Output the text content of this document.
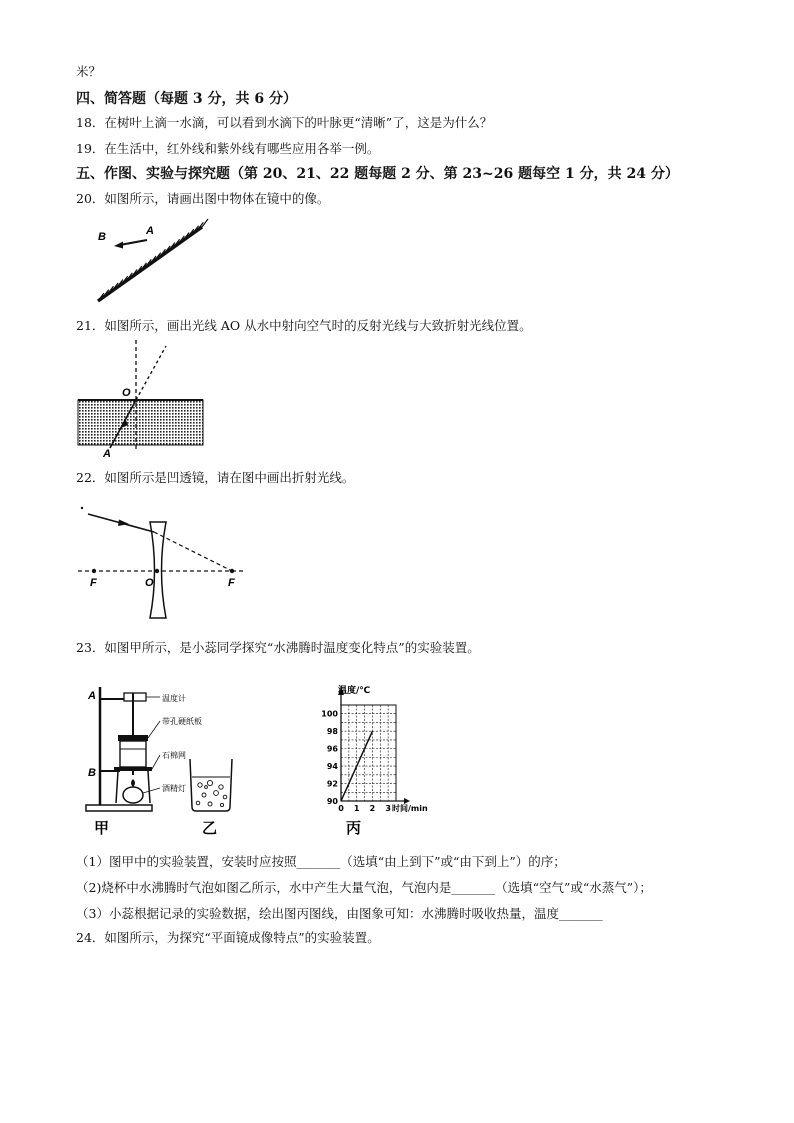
米？
四、简答题（每题 3 分，共 6 分）
18．在树叶上滴一水滴，可以看到水滴下的叶脉更“清晰”了，这是为什么？
19．在生活中，红外线和紫外线有哪些应用各举一例。
五、作图、实验与探究题（第 20、21、22 题每题 2 分、第 23~26 题每空 1 分，共 24 分）
20．如图所示，请画出图中物体在镜中的像。
B	A
21．如图所示，画出光线 AO 从水中射向空气时的反射光线与大致折射光线位置。
O
A
22．如图所示是凹透镜，请在图中画出折射光线。
F	O	F
23．如图甲所示，是小蕊同学探究“水沸腾时温度变化特点”的实验装置。
温度计
带孔硬纸板
石棉网
酒精灯
A
B
甲	乙
90
92
94
96
98
100
0 1 2 3
温度/℃
时间/min
丙
（1）图甲中的实验装置，安装时应按照_______（选填“由上到下”或“由下到上”）的序；
（2)烧杯中水沸腾时气泡如图乙所示，水中产生大量气泡，气泡内是_______（选填“空气”或“水蒸气”）；
（3）小蕊根据记录的实验数据，绘出图丙图线，由图象可知：水沸腾时吸收热量，温度_______
24．如图所示，为探究“平面镜成像特点”的实验装置。
